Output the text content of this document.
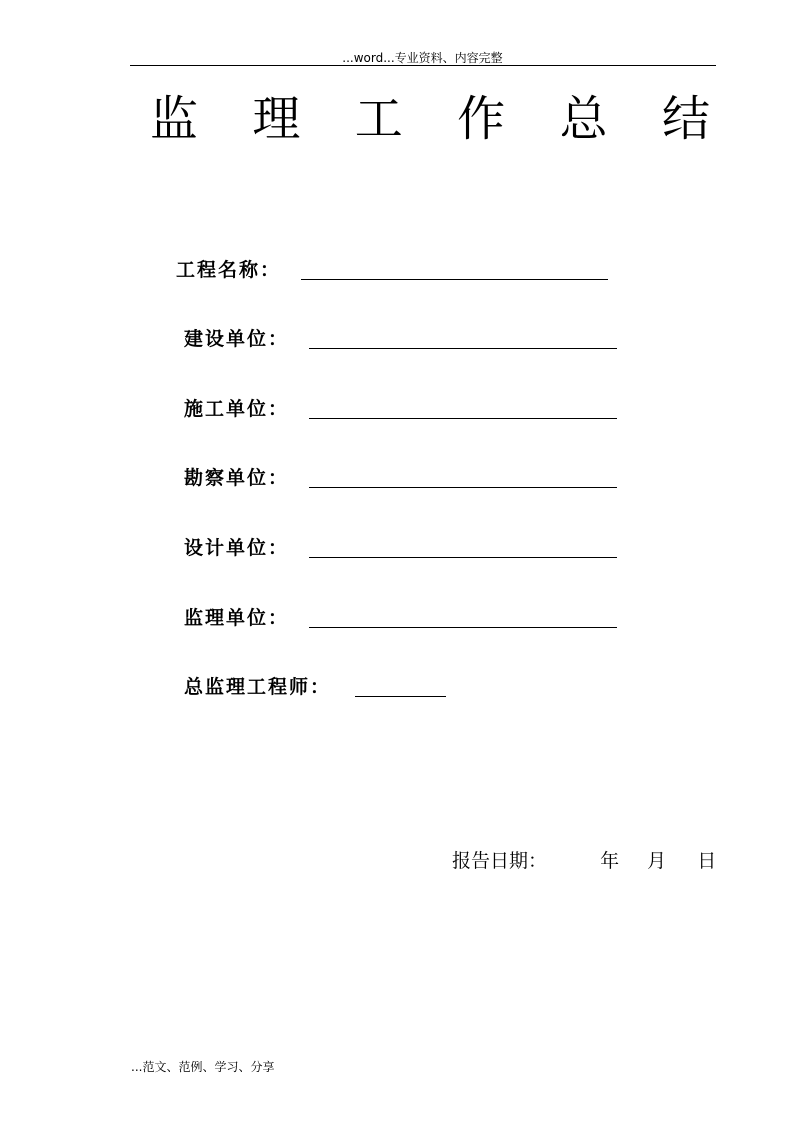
...word...专业资料、内容完整
监 理 工 作 总 结
工程名称：
建设单位：
施工单位：
勘察单位：
设计单位：
监理单位：
总监理工程师：
报告日期：	年 月 日
...范文、范例、学习、分享
